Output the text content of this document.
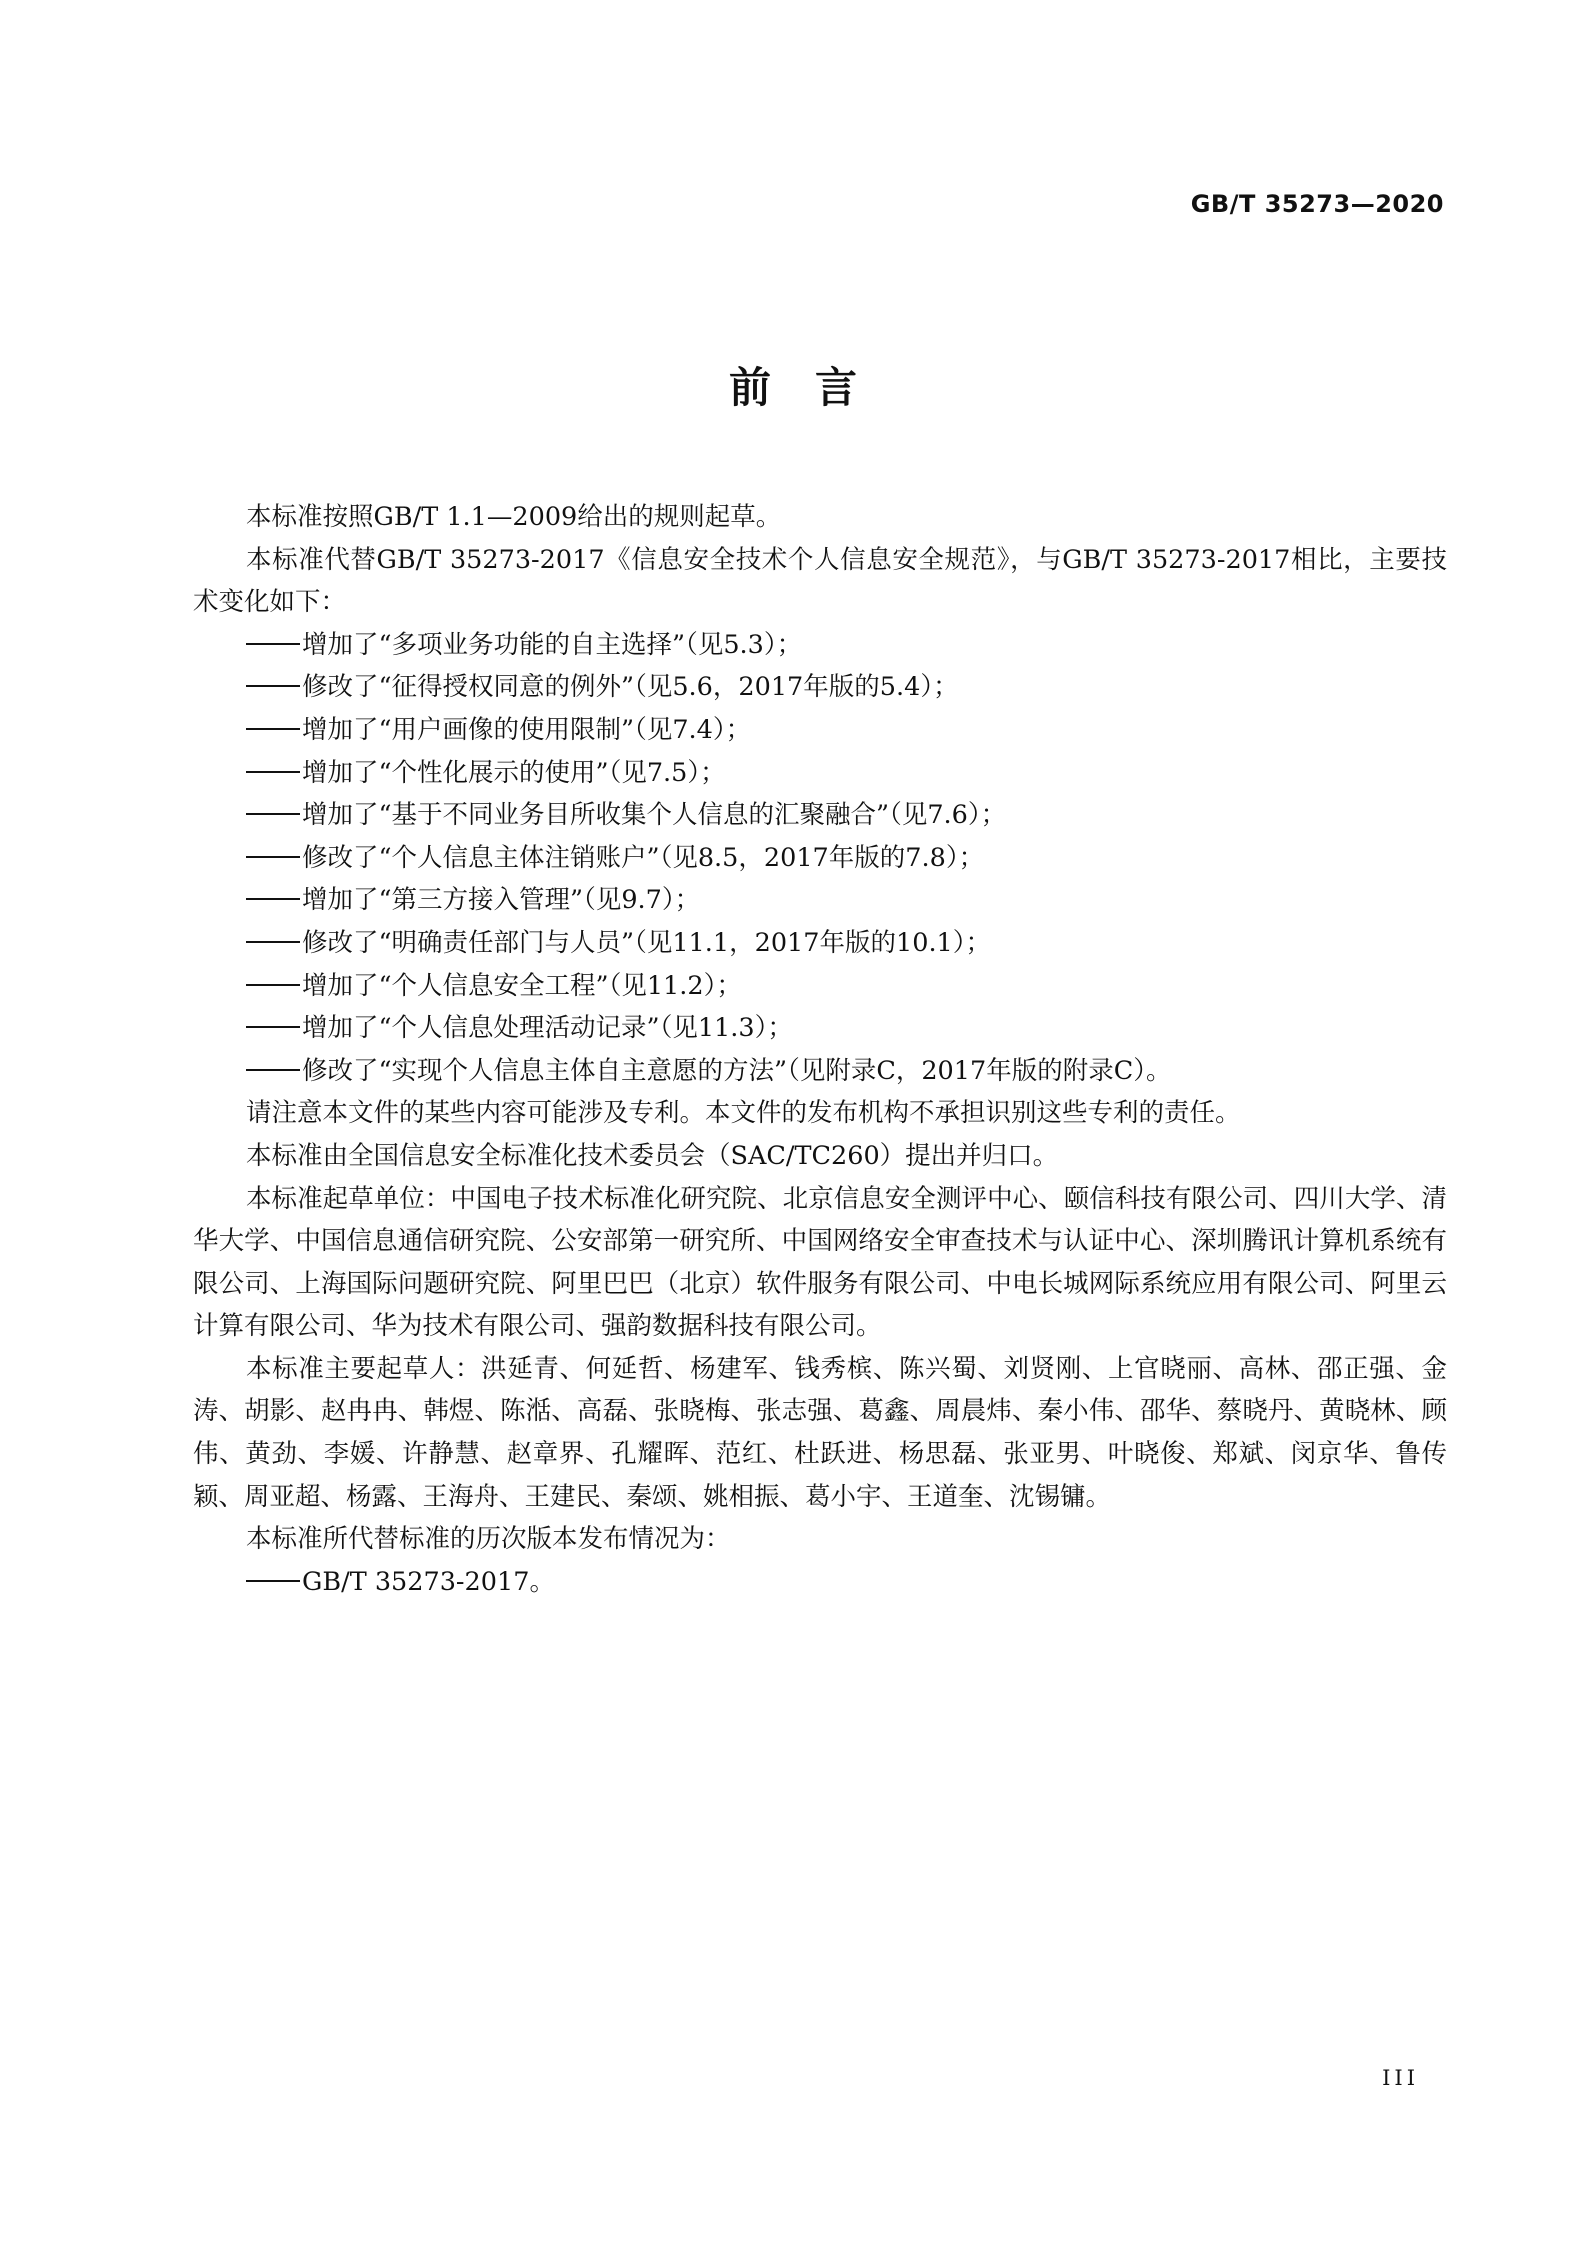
GB/T 35273—2020
前言

本标准按照GB/T 1.1—2009给出的规则起草。

本标准代替GB/T 35273-2017《信息安全技术个人信息安全规范》，与GB/T 35273-2017相比，主要技术变化如下：

增加了“多项业务功能的自主选择”（见5.3）；
修改了“征得授权同意的例外”（见5.6，2017年版的5.4）；
增加了“用户画像的使用限制”（见7.4）；
增加了“个性化展示的使用”（见7.5）；
增加了“基于不同业务目所收集个人信息的汇聚融合”（见7.6）；
修改了“个人信息主体注销账户”（见8.5，2017年版的7.8）；
增加了“第三方接入管理”（见9.7）；
修改了“明确责任部门与人员”（见11.1，2017年版的10.1）；
增加了“个人信息安全工程”（见11.2）；
增加了“个人信息处理活动记录”（见11.3）；
修改了“实现个人信息主体自主意愿的方法”（见附录C，2017年版的附录C）。

请注意本文件的某些内容可能涉及专利。本文件的发布机构不承担识别这些专利的责任。

本标准由全国信息安全标准化技术委员会（SAC/TC260）提出并归口。

本标准起草单位：中国电子技术标准化研究院、北京信息安全测评中心、颐信科技有限公司、四川大学、清华大学、中国信息通信研究院、公安部第一研究所、中国网络安全审查技术与认证中心、深圳腾讯计算机系统有限公司、上海国际问题研究院、阿里巴巴（北京）软件服务有限公司、中电长城网际系统应用有限公司、阿里云计算有限公司、华为技术有限公司、强韵数据科技有限公司。

本标准主要起草人：洪延青、何延哲、杨建军、钱秀槟、陈兴蜀、刘贤刚、上官晓丽、高林、邵正强、金涛、胡影、赵冉冉、韩煜、陈湉、高磊、张晓梅、张志强、葛鑫、周晨炜、秦小伟、邵华、蔡晓丹、黄晓林、顾伟、黄劲、李媛、许静慧、赵章界、孔耀晖、范红、杜跃进、杨思磊、张亚男、叶晓俊、郑斌、闵京华、鲁传颖、周亚超、杨露、王海舟、王建民、秦颂、姚相振、葛小宇、王道奎、沈锡镛。

本标准所代替标准的历次版本发布情况为：

GB/T 35273-2017。
III
